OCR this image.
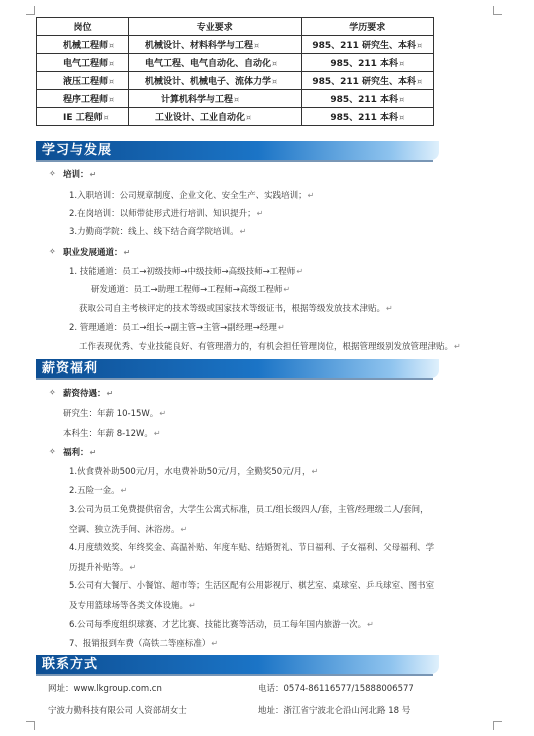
岗位	专业要求	学历要求
机械工程师¤	机械设计、材料科学与工程¤	985、211 研究生、本科¤
电气工程师¤	电气工程、电气自动化、自动化¤	985、211 本科¤
液压工程师¤	机械设计、机械电子、流体力学¤	985、211 研究生、本科¤
程序工程师¤	计算机科学与工程¤	985、211 本科¤
IE 工程师¤	工业设计、工业自动化¤	985、211 本科¤
学习与发展
✧ 培训：↵
1.入职培训：公司规章制度、企业文化、安全生产、实践培训；↵
2.在岗培训：以师带徒形式进行培训、知识提升；↵
3.力勤商学院：线上、线下结合商学院培训。↵
✧ 职业发展通道：↵
1. 技能通道：员工→初级技师→中级技师→高级技师→工程师↵
研发通道：员工→助理工程师→工程师→高级工程师↵
获取公司自主考核评定的技术等级或国家技术等级证书，根据等级发放技术津贴。↵
2. 管理通道：员工→组长→副主管→主管→副经理→经理↵
工作表现优秀、专业技能良好、有管理潜力的，有机会担任管理岗位，根据管理级别发放管理津贴。↵
薪资福利
✧ 薪资待遇：↵
研究生：年薪 10-15W。↵
本科生：年薪 8-12W。↵
✧ 福利：↵
1.伙食费补助500元/月，水电费补助50元/月，全勤奖50元/月，↵
2.五险一金。↵
3.公司为员工免费提供宿舍，大学生公寓式标准，员工/组长级四人/套，主管/经理级二人/套间，
空调、独立洗手间、沐浴房。↵
4.月度绩效奖、年终奖金、高温补贴、年度车贴、结婚贺礼、节日福利、子女福利、父母福利、学
历提升补贴等。↵
5.公司有大餐厅、小餐馆、超市等；生活区配有公用影视厅、棋艺室、桌球室、乒乓球室、图书室
及专用篮球场等各类文体设施。↵
6.公司每季度组织球赛、才艺比赛、技能比赛等活动，员工每年国内旅游一次。↵
7、报销报到车费（高铁二等座标准）↵
联系方式
网址：www.lkgroup.com.cn	电话：0574-86116577/15888006577
宁波力勤科技有限公司 人资部胡女士	地址：浙江省宁波北仑沿山河北路 18 号
